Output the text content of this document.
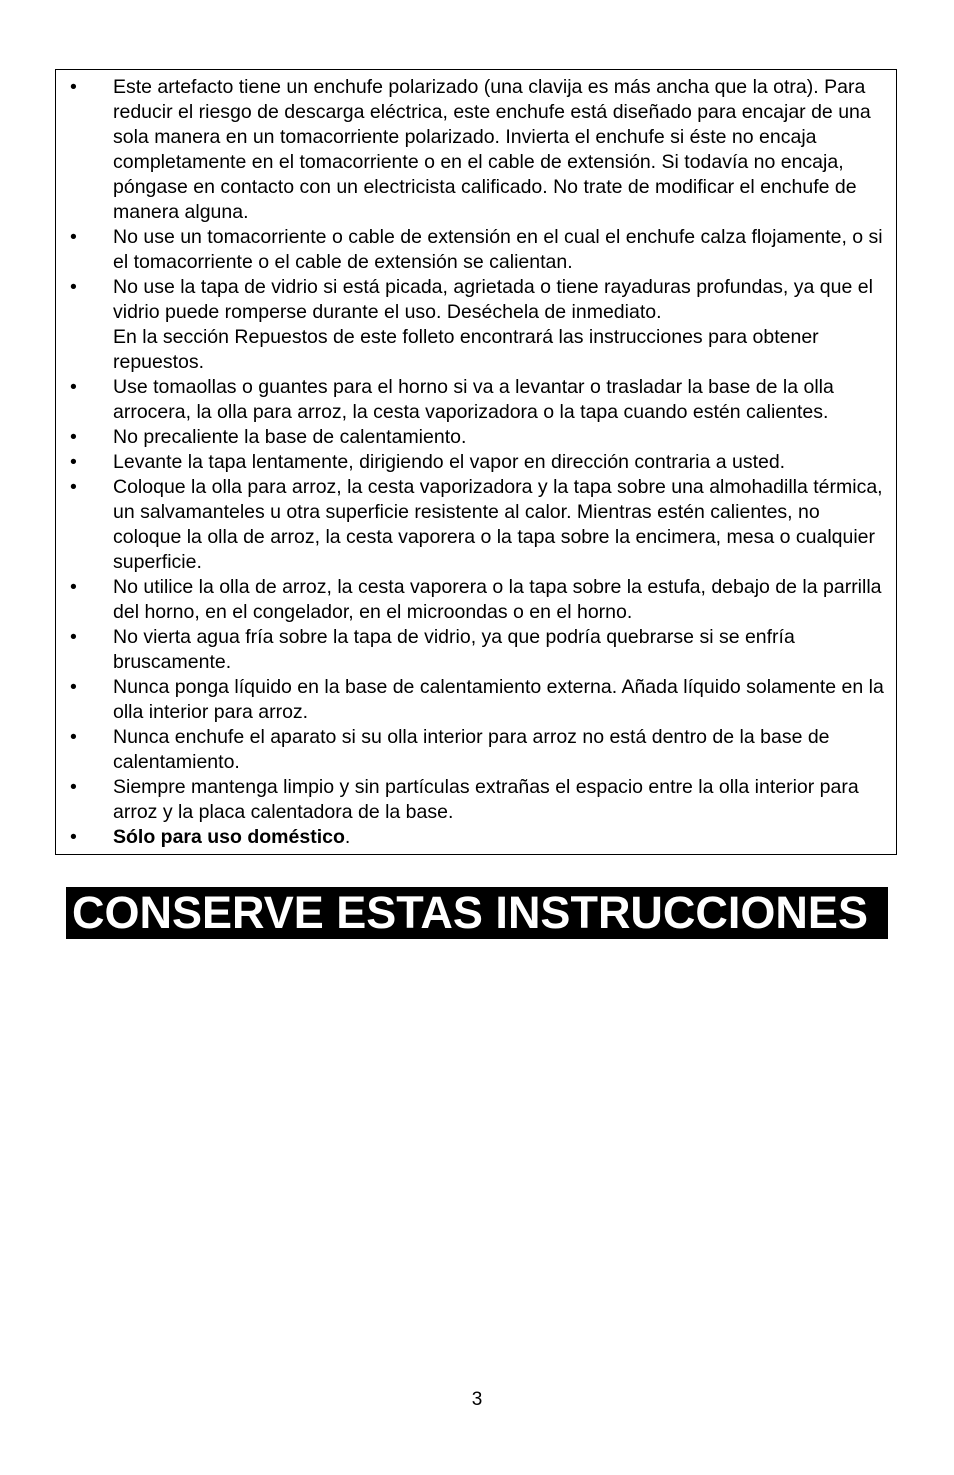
• Este artefacto tiene un enchufe polarizado (una clavija es más ancha que la otra). Para reducir el riesgo de descarga eléctrica, este enchufe está diseñado para encajar de una sola manera en un tomacorriente polarizado. Invierta el enchufe si éste no encaja completamente en el tomacorriente o en el cable de extensión. Si todavía no encaja, póngase en contacto con un electricista calificado. No trate de modificar el enchufe de manera alguna.
• No use un tomacorriente o cable de extensión en el cual el enchufe calza flojamente, o si el tomacorriente o el cable de extensión se calientan.
• No use la tapa de vidrio si está picada, agrietada o tiene rayaduras profundas, ya que el vidrio puede romperse durante el uso. Deséchela de inmediato.
En la sección Repuestos de este folleto encontrará las instrucciones para obtener repuestos.
• Use tomaollas o guantes para el horno si va a levantar o trasladar la base de la olla arrocera, la olla para arroz, la cesta vaporizadora o la tapa cuando estén calientes.
• No precaliente la base de calentamiento.
• Levante la tapa lentamente, dirigiendo el vapor en dirección contraria a usted.
• Coloque la olla para arroz, la cesta vaporizadora y la tapa sobre una almohadilla térmica, un salvamanteles u otra superficie resistente al calor. Mientras estén calientes, no coloque la olla de arroz, la cesta vaporera o la tapa sobre la encimera, mesa o cualquier superficie.
• No utilice la olla de arroz, la cesta vaporera o la tapa sobre la estufa, debajo de la parrilla del horno, en el congelador, en el microondas o en el horno.
• No vierta agua fría sobre la tapa de vidrio, ya que podría quebrarse si se enfría bruscamente.
• Nunca ponga líquido en la base de calentamiento externa. Añada líquido solamente en la olla interior para arroz.
• Nunca enchufe el aparato si su olla interior para arroz no está dentro de la base de calentamiento.
• Siempre mantenga limpio y sin partículas extrañas el espacio entre la olla interior para arroz y la placa calentadora de la base.
• Sólo para uso doméstico.
CONSERVE ESTAS INSTRUCCIONES
3
